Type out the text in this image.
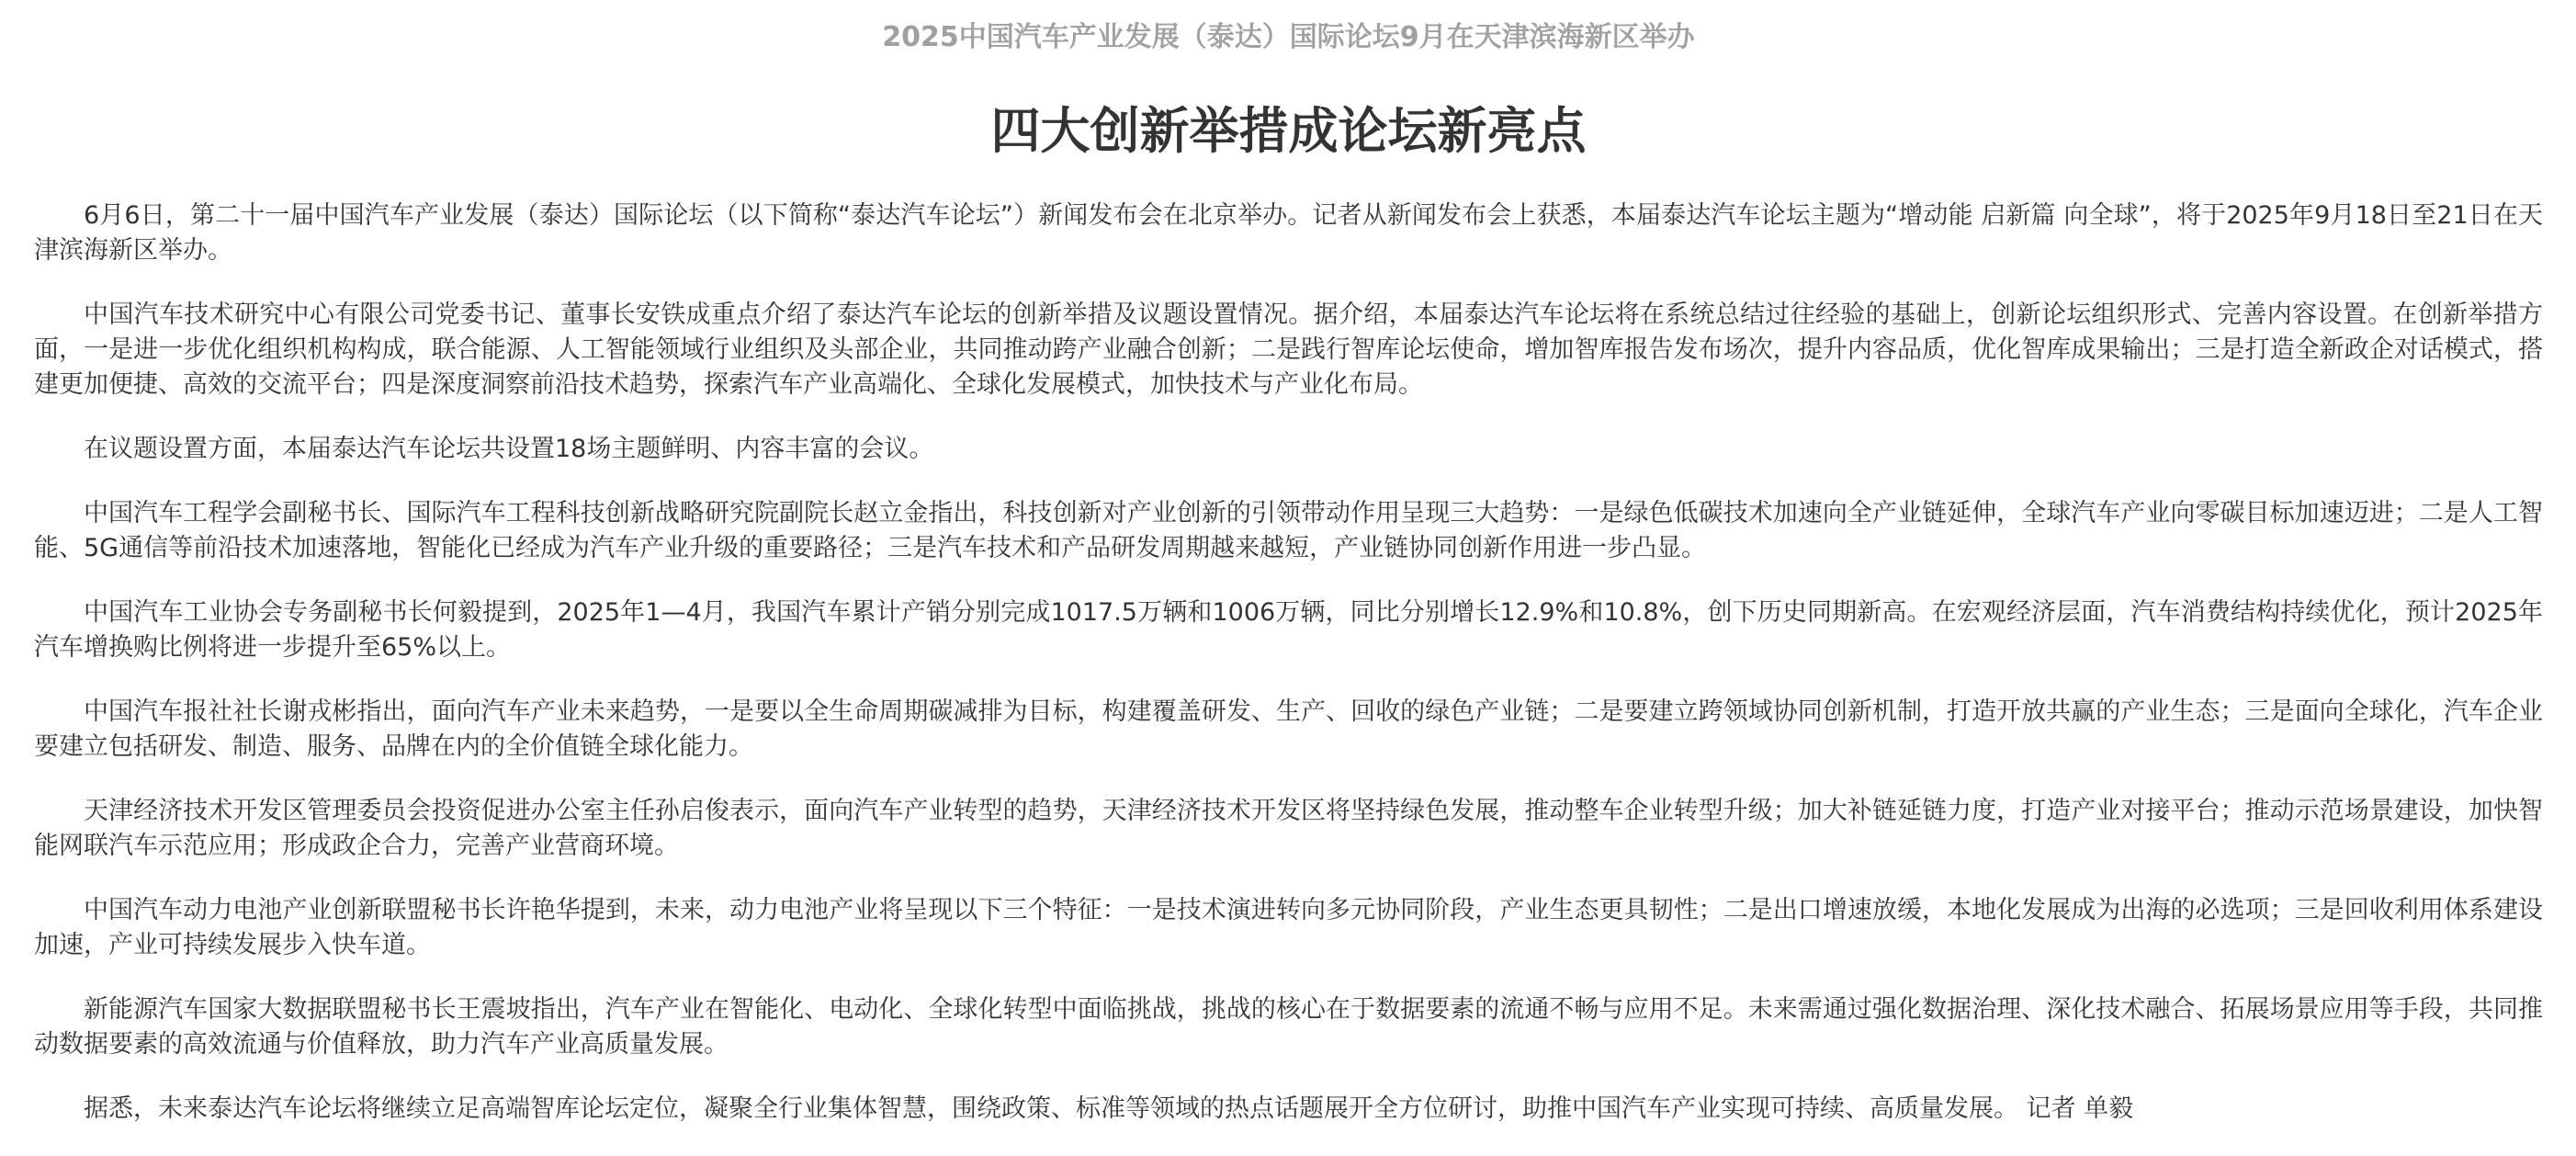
2025中国汽车产业发展（泰达）国际论坛9月在天津滨海新区举办
四大创新举措成论坛新亮点

6月6日，第二十一届中国汽车产业发展（泰达）国际论坛（以下简称“泰达汽车论坛”）新闻发布会在北京举办。记者从新闻发布会上获悉，本届泰达汽车论坛主题为“增动能 启新篇 向全球”，将于2025年9月18日至21日在天津滨海新区举办。

中国汽车技术研究中心有限公司党委书记、董事长安铁成重点介绍了泰达汽车论坛的创新举措及议题设置情况。据介绍，本届泰达汽车论坛将在系统总结过往经验的基础上，创新论坛组织形式、完善内容设置。在创新举措方面，一是进一步优化组织机构构成，联合能源、人工智能领域行业组织及头部企业，共同推动跨产业融合创新；二是践行智库论坛使命，增加智库报告发布场次，提升内容品质，优化智库成果输出；三是打造全新政企对话模式，搭建更加便捷、高效的交流平台；四是深度洞察前沿技术趋势，探索汽车产业高端化、全球化发展模式，加快技术与产业化布局。

在议题设置方面，本届泰达汽车论坛共设置18场主题鲜明、内容丰富的会议。

中国汽车工程学会副秘书长、国际汽车工程科技创新战略研究院副院长赵立金指出，科技创新对产业创新的引领带动作用呈现三大趋势：一是绿色低碳技术加速向全产业链延伸，全球汽车产业向零碳目标加速迈进；二是人工智能、5G通信等前沿技术加速落地，智能化已经成为汽车产业升级的重要路径；三是汽车技术和产品研发周期越来越短，产业链协同创新作用进一步凸显。

中国汽车工业协会专务副秘书长何毅提到，2025年1—4月，我国汽车累计产销分别完成1017.5万辆和1006万辆，同比分别增长12.9%和10.8%，创下历史同期新高。在宏观经济层面，汽车消费结构持续优化，预计2025年汽车增换购比例将进一步提升至65%以上。

中国汽车报社社长谢戎彬指出，面向汽车产业未来趋势，一是要以全生命周期碳减排为目标，构建覆盖研发、生产、回收的绿色产业链；二是要建立跨领域协同创新机制，打造开放共赢的产业生态；三是面向全球化，汽车企业要建立包括研发、制造、服务、品牌在内的全价值链全球化能力。

天津经济技术开发区管理委员会投资促进办公室主任孙启俊表示，面向汽车产业转型的趋势，天津经济技术开发区将坚持绿色发展，推动整车企业转型升级；加大补链延链力度，打造产业对接平台；推动示范场景建设，加快智能网联汽车示范应用；形成政企合力，完善产业营商环境。

中国汽车动力电池产业创新联盟秘书长许艳华提到，未来，动力电池产业将呈现以下三个特征：一是技术演进转向多元协同阶段，产业生态更具韧性；二是出口增速放缓，本地化发展成为出海的必选项；三是回收利用体系建设加速，产业可持续发展步入快车道。

新能源汽车国家大数据联盟秘书长王震坡指出，汽车产业在智能化、电动化、全球化转型中面临挑战，挑战的核心在于数据要素的流通不畅与应用不足。未来需通过强化数据治理、深化技术融合、拓展场景应用等手段，共同推动数据要素的高效流通与价值释放，助力汽车产业高质量发展。

据悉，未来泰达汽车论坛将继续立足高端智库论坛定位，凝聚全行业集体智慧，围绕政策、标准等领域的热点话题展开全方位研讨，助推中国汽车产业实现可持续、高质量发展。 记者 单毅
